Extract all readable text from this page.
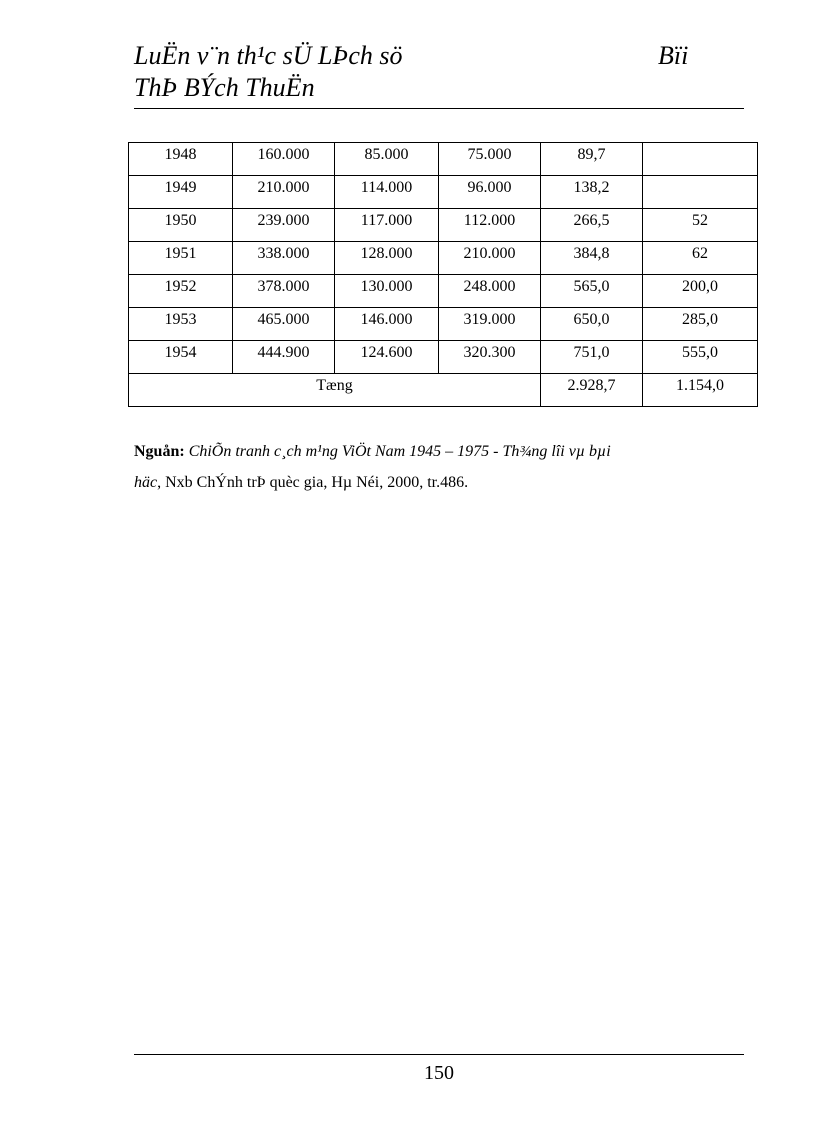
LuËn v¨n th¹c sÜ LÞch sö
ThÞ BÝch ThuËn
Bïi
1948	160.000	85.000	75.000	89,7	
1949	210.000	114.000	96.000	138,2	
1950	239.000	117.000	112.000	266,5	52
1951	338.000	128.000	210.000	384,8	62
1952	378.000	130.000	248.000	565,0	200,0
1953	465.000	146.000	319.000	650,0	285,0
1954	444.900	124.600	320.300	751,0	555,0
Tæng				2.928,7	1.154,0
Nguån: ChiÕn tranh c¸ch m¹ng ViÖt Nam 1945 – 1975 - Th¾ng lîi vµ bµi
häc, Nxb ChÝnh trÞ quèc gia, Hµ Néi, 2000, tr.486.
150
